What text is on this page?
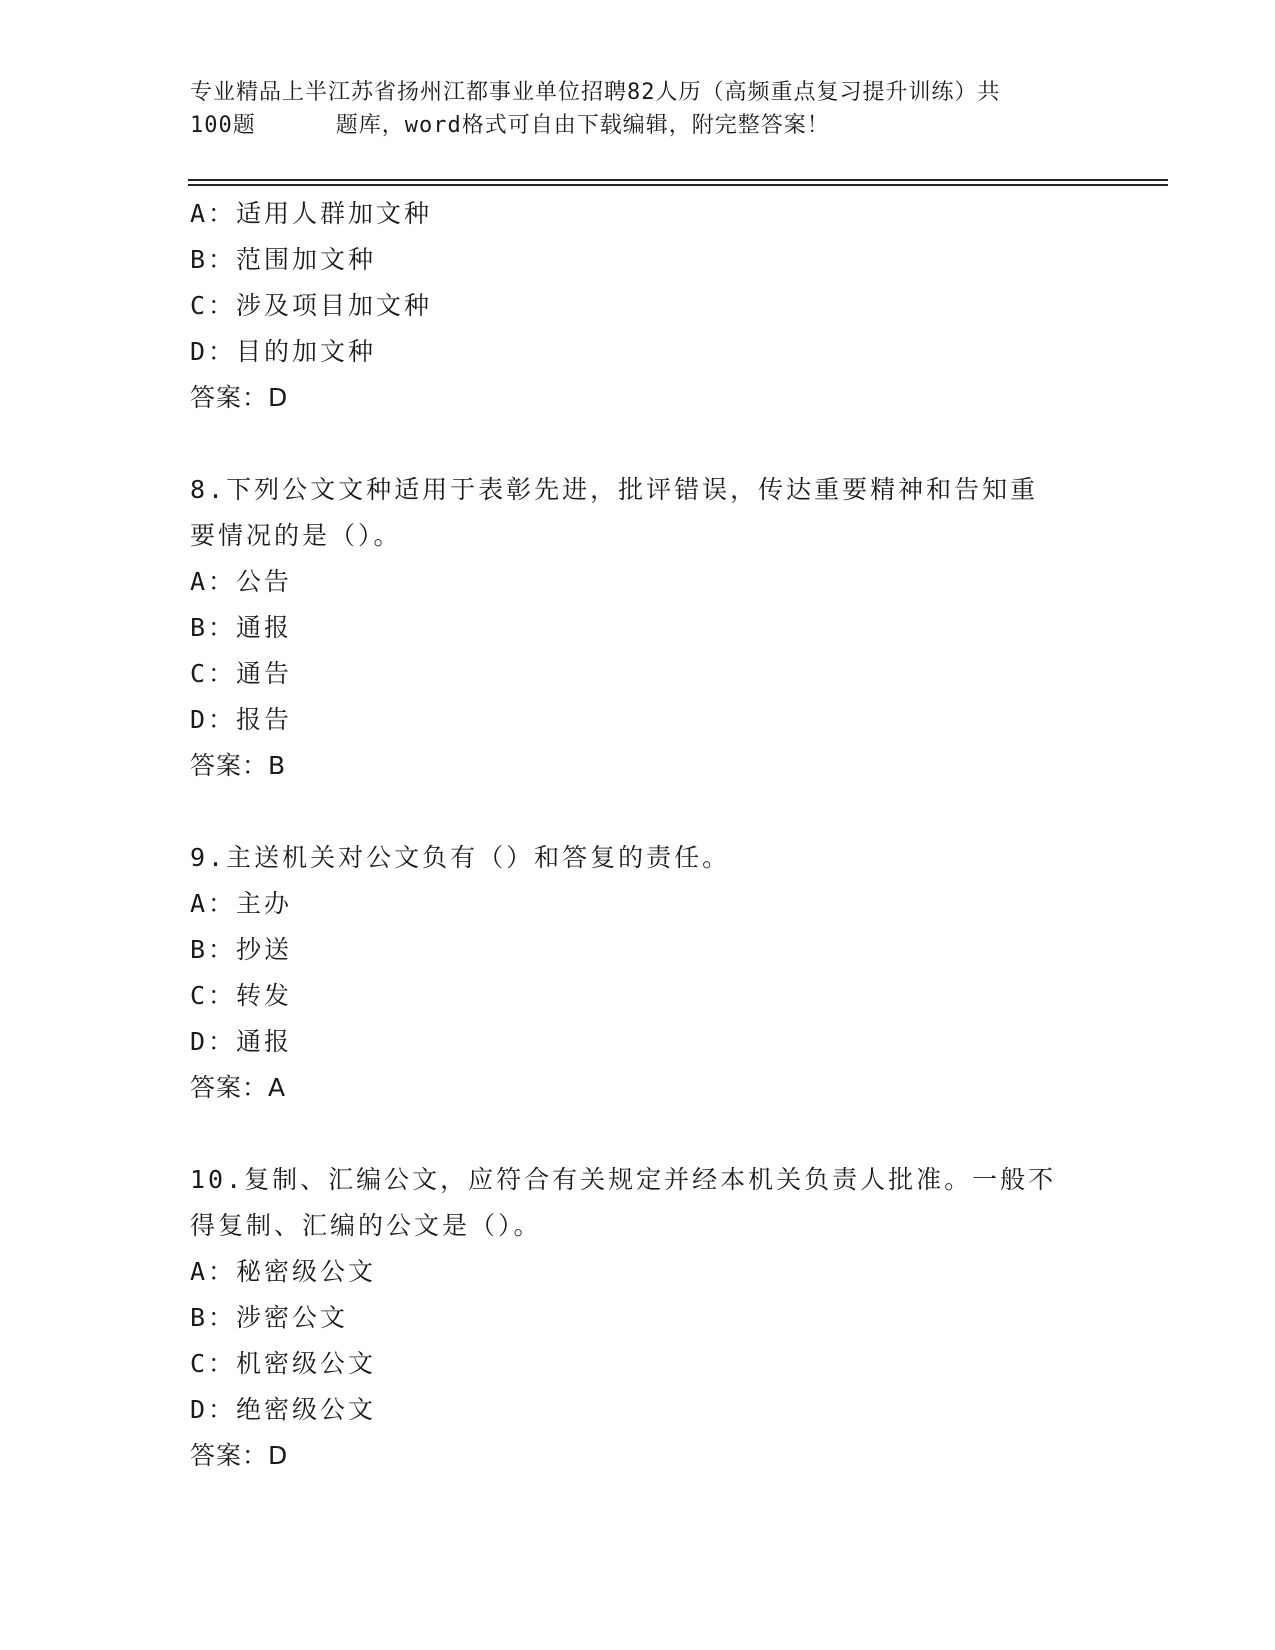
专业精品上半江苏省扬州江都事业单位招聘82人历（高频重点复习提升训练）共
100题	题库，word格式可自由下载编辑，附完整答案！
A：适用人群加文种
B：范围加文种
C：涉及项目加文种
D：目的加文种
答案：D
8.下列公文文种适用于表彰先进，批评错误，传达重要精神和告知重
要情况的是（）。
A：公告
B：通报
C：通告
D：报告
答案：B
9.主送机关对公文负有（）和答复的责任。
A：主办
B：抄送
C：转发
D：通报
答案：A
10.复制、汇编公文，应符合有关规定并经本机关负责人批准。一般不
得复制、汇编的公文是（）。
A：秘密级公文
B：涉密公文
C：机密级公文
D：绝密级公文
答案：D
